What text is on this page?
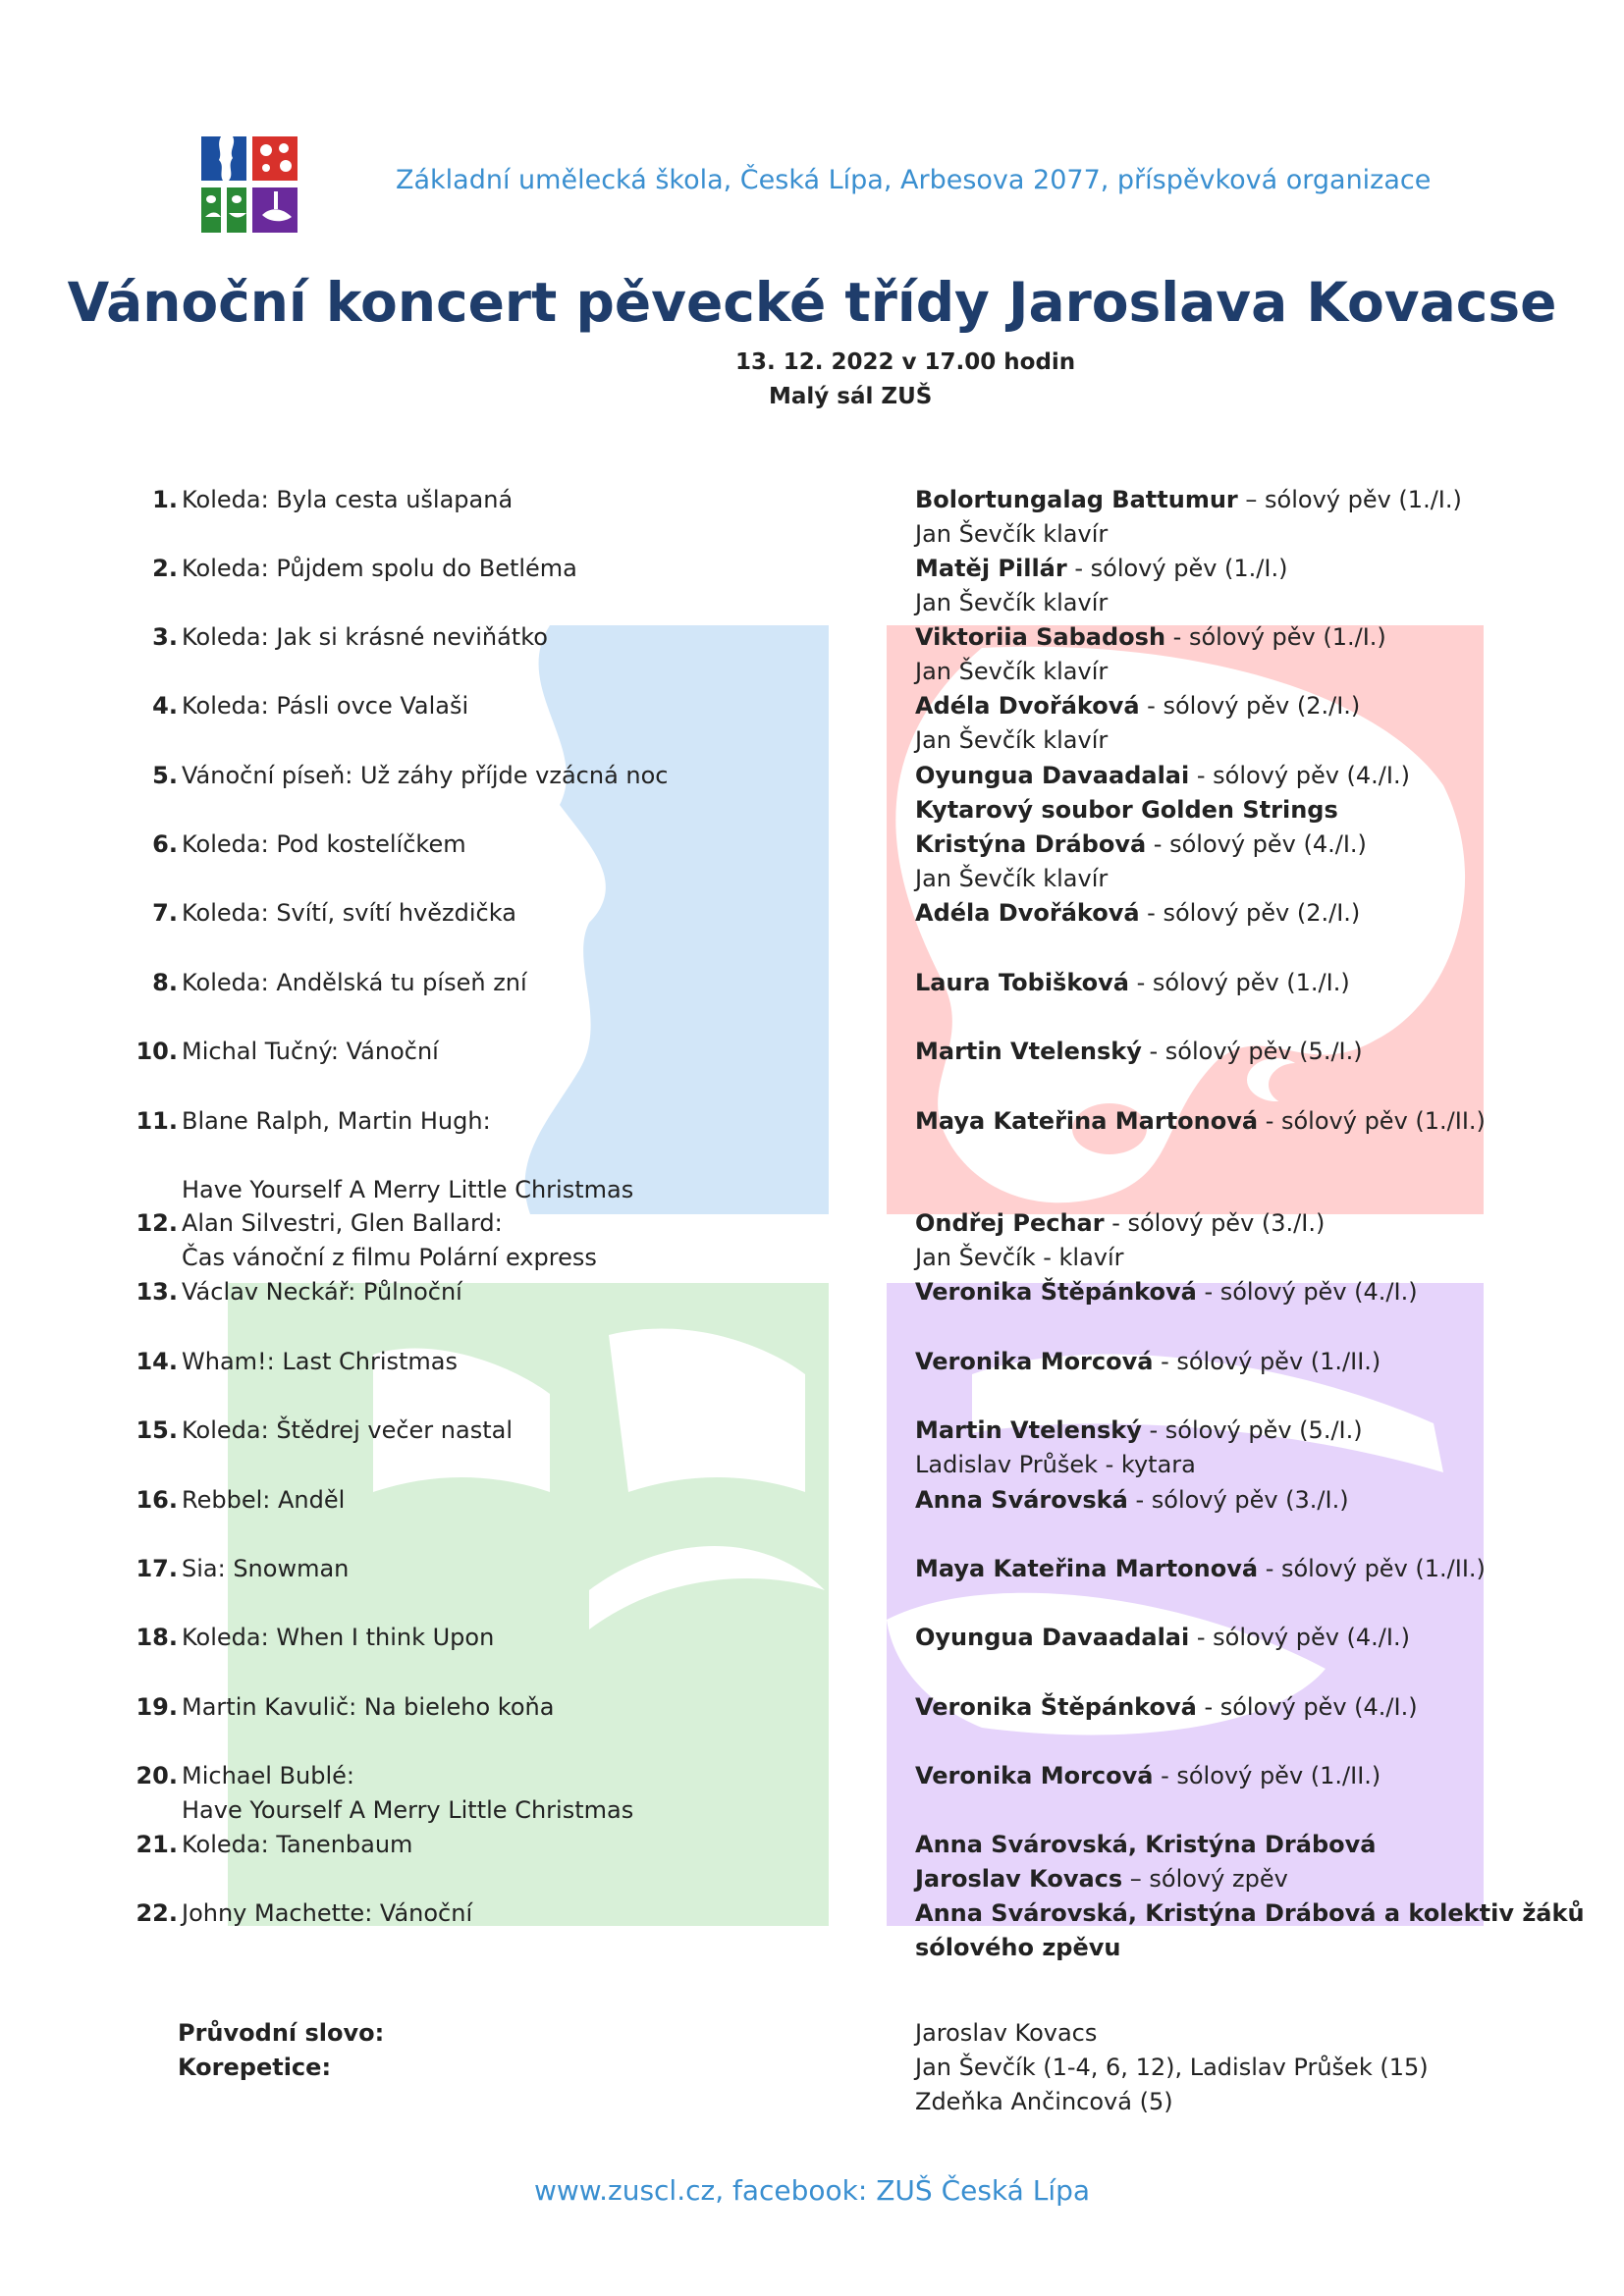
Základní umělecká škola, Česká Lípa, Arbesova 2077, příspěvková organizace
Vánoční koncert pěvecké třídy Jaroslava Kovacse
13. 12. 2022 v 17.00 hodin
Malý sál ZUŠ
1. Koleda: Byla cesta ušlapaná
2. Koleda: Půjdem spolu do Betléma
3. Koleda: Jak si krásné neviňátko
4. Koleda: Pásli ovce Valaši
5. Vánoční píseň: Už záhy příjde vzácná noc
6. Koleda: Pod kostelíčkem
7. Koleda: Svítí, svítí hvězdička
8. Koleda: Andělská tu píseň zní
10. Michal Tučný: Vánoční
11. Blane Ralph, Martin Hugh:
Have Yourself A Merry Little Christmas
12. Alan Silvestri, Glen Ballard:
Čas vánoční z filmu Polární express
13. Václav Neckář: Půlnoční
14. Wham!: Last Christmas
15. Koleda: Štědrej večer nastal
16. Rebbel: Anděl
17. Sia: Snowman
18. Koleda: When I think Upon
19. Martin Kavulič: Na bieleho koňa
20. Michael Bublé:
Have Yourself A Merry Little Christmas
21. Koleda: Tanenbaum
22. Johny Machette: Vánoční
Bolortungalag Battumur – sólový pěv (1./I.)
Jan Ševčík klavír
Matěj Pillár - sólový pěv (1./I.)
Jan Ševčík klavír
Viktoriia Sabadosh - sólový pěv (1./I.)
Jan Ševčík klavír
Adéla Dvořáková - sólový pěv (2./I.)
Jan Ševčík klavír
Oyungua Davaadalai - sólový pěv (4./I.)
Kytarový soubor Golden Strings
Kristýna Drábová - sólový pěv (4./I.)
Jan Ševčík klavír
Adéla Dvořáková - sólový pěv (2./I.)
Laura Tobišková - sólový pěv (1./I.)
Martin Vtelenský - sólový pěv (5./I.)
Maya Kateřina Martonová - sólový pěv (1./II.)
Ondřej Pechar - sólový pěv (3./I.)
Jan Ševčík - klavír
Veronika Štěpánková - sólový pěv (4./I.)
Veronika Morcová - sólový pěv (1./II.)
Martin Vtelenský - sólový pěv (5./I.)
Ladislav Průšek - kytara
Anna Svárovská - sólový pěv (3./I.)
Maya Kateřina Martonová - sólový pěv (1./II.)
Oyungua Davaadalai - sólový pěv (4./I.)
Veronika Štěpánková - sólový pěv (4./I.)
Veronika Morcová - sólový pěv (1./II.)
Anna Svárovská, Kristýna Drábová
Jaroslav Kovacs – sólový zpěv
Anna Svárovská, Kristýna Drábová a kolektiv žáků
sólového zpěvu
Průvodní slovo:	Jaroslav Kovacs
Korepetice:	Jan Ševčík (1-4, 6, 12), Ladislav Průšek (15)
Zdeňka Ančincová (5)
www.zuscl.cz, facebook: ZUŠ Česká Lípa
